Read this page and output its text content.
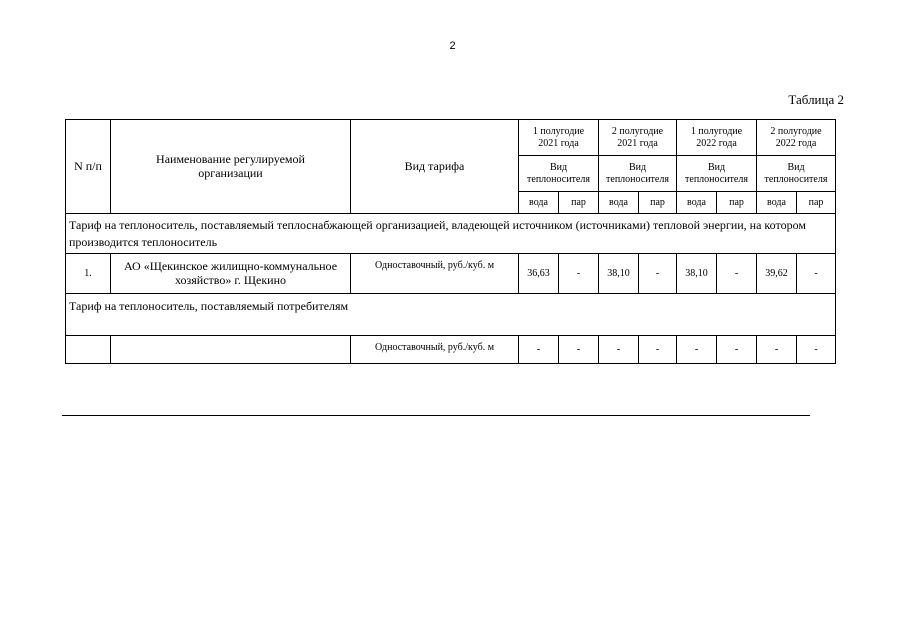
2
Таблица 2
N п/п	Наименование регулируемой организации	Вид тарифа	1 полугодие 2021 года		2 полугодие 2021 года		1 полугодие 2022 года		2 полугодие 2022 года	
			Вид теплоносителя		Вид теплоносителя		Вид теплоносителя		Вид теплоносителя	
			вода	пар	вода	пар	вода	пар	вода	пар
Тариф на теплоноситель, поставляемый теплоснабжающей организацией, владеющей источником (источниками) тепловой энергии, на котором производится теплоноситель										
1.	АО «Щекинское жилищно-коммунальное хозяйство» г. Щекино	Одноставочный, руб./куб. м	36,63	-	38,10	-	38,10	-	39,62	-
Тариф на теплоноситель, поставляемый потребителям										
		Одноставочный, руб./куб. м	-	-	-	-	-	-	-	-
